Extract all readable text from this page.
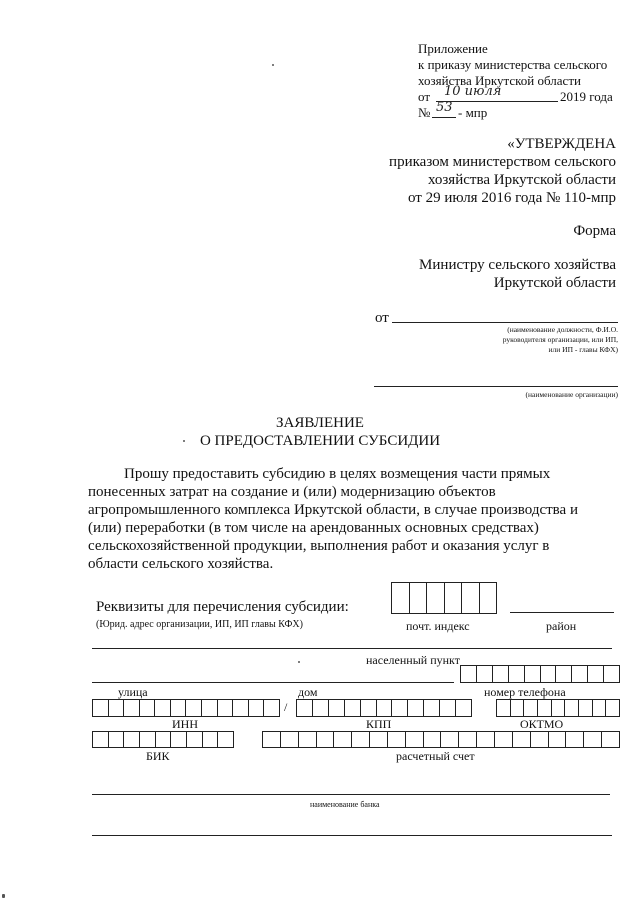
Приложение
к приказу министерства сельского
хозяйства Иркутской области
от 10 июля	2019 года
№ 53 - мпр
«УТВЕРЖДЕНА
приказом министерством сельского
хозяйства Иркутской области
от 29 июля 2016 года № 110-мпр
Форма
Министру сельского хозяйства
Иркутской области
от
(наименование должности, Ф.И.О.
руководителя организации, или ИП,
или ИП - главы КФХ)
(наименование организации)
ЗАЯВЛЕНИЕ
О ПРЕДОСТАВЛЕНИИ СУБСИДИИ
Прошу предоставить субсидию в целях возмещения части прямых
понесенных затрат на создание и (или) модернизацию объектов
агропромышленного комплекса Иркутской области, в случае производства и
(или) переработки (в том числе на арендованных основных средствах)
сельскохозяйственной продукции, выполнения работ и оказания услуг в
области сельского хозяйства.
Реквизиты для перечисления субсидии:
(Юрид. адрес организации, ИП, ИП главы КФХ)	почт. индекс	район
населенный пункт
улица	дом	номер телефона
/
ИНН	КПП	ОКТМО
БИК	расчетный счет
наименование банка
